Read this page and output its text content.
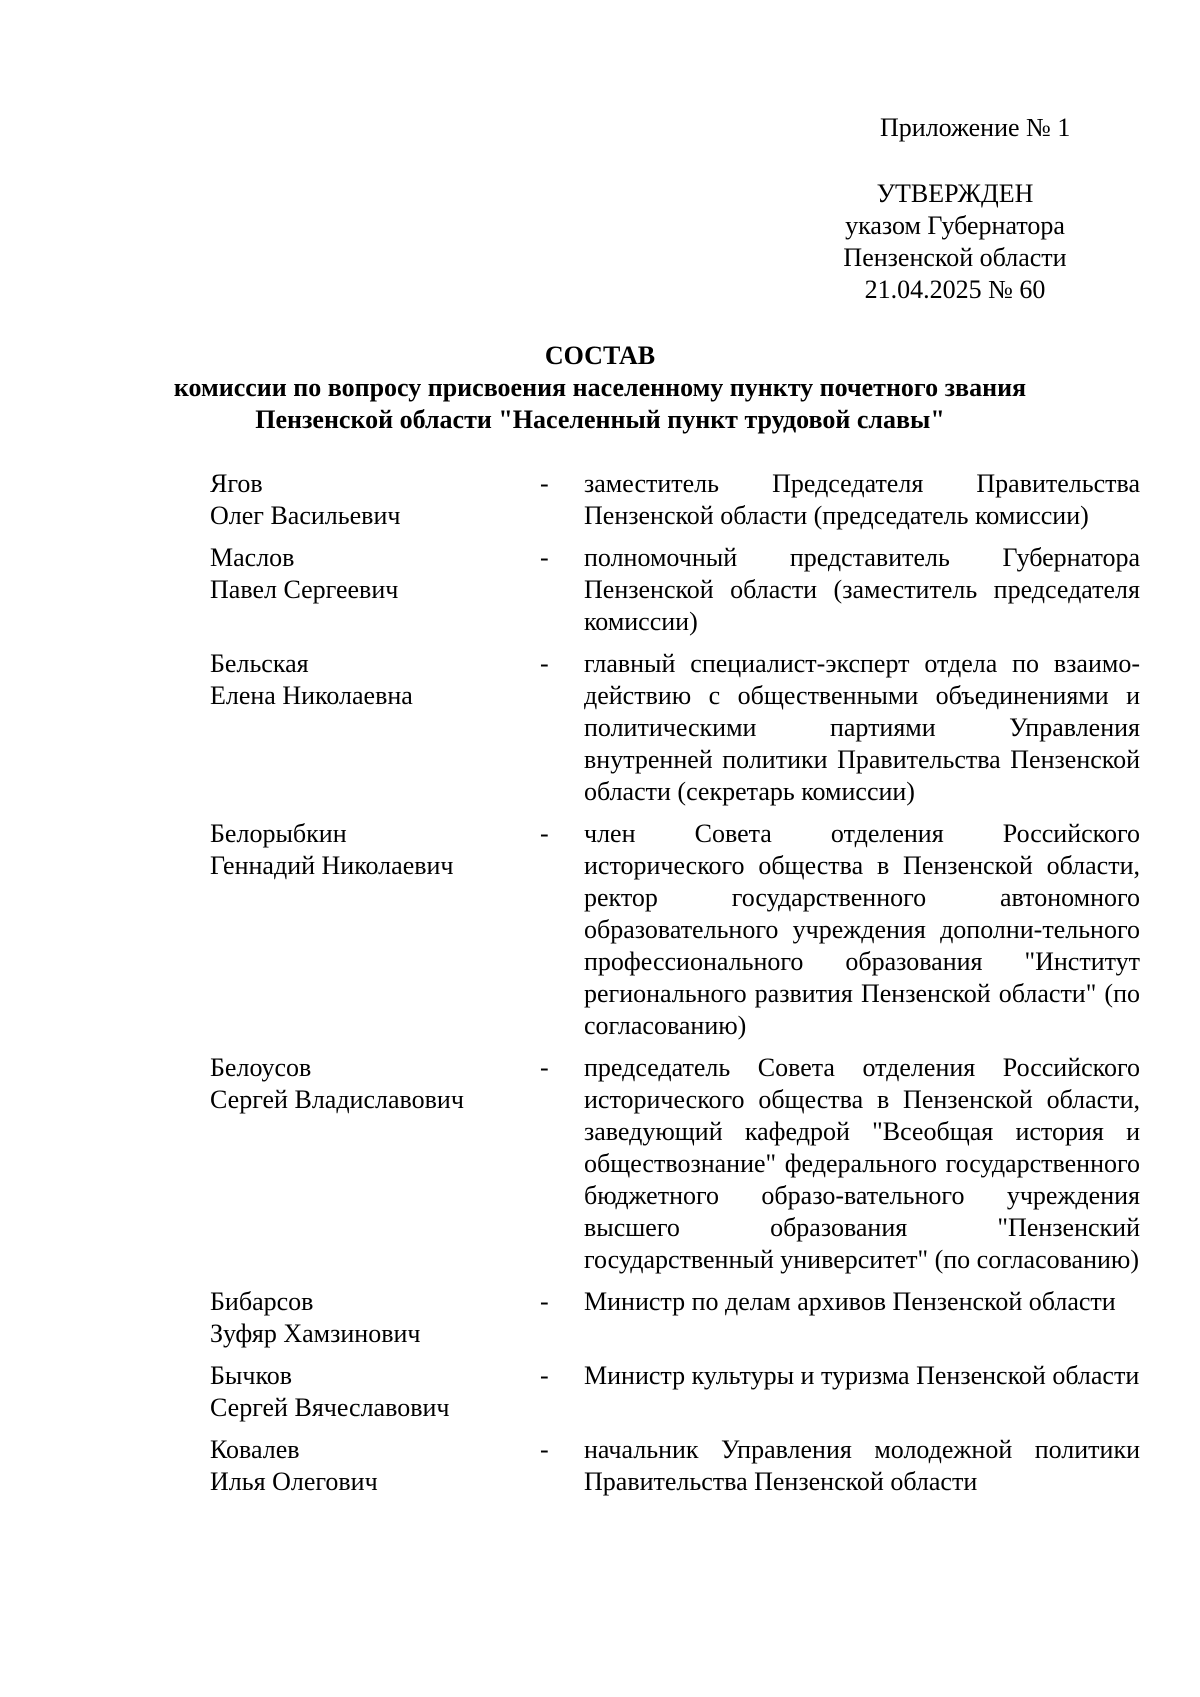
Приложение № 1
УТВЕРЖДЕН
указом Губернатора
Пензенской области
21.04.2025 № 60
СОСТАВ
комиссии по вопросу присвоения населенному пункту почетного звания
Пензенской области "Населенный пункт трудовой славы"
Ягов
Олег Васильевич
-	заместитель Председателя Правительства Пензенской области (председатель комиссии)
Маслов
Павел Сергеевич
-	полномочный представитель Губернатора Пензенской области (заместитель председателя комиссии)
Бельская
Елена Николаевна
-	главный специалист-эксперт отдела по взаимо-действию с общественными объединениями и политическими партиями Управления внутренней политики Правительства Пензенской области (секретарь комиссии)
Белорыбкин
Геннадий Николаевич
-	член Совета отделения Российского исторического общества в Пензенской области, ректор государственного автономного образовательного учреждения дополни-тельного профессионального образования "Институт регионального развития Пензенской области" (по согласованию)
Белоусов
Сергей Владиславович
-	председатель Совета отделения Российского исторического общества в Пензенской области, заведующий кафедрой "Всеобщая история и обществознание" федерального государственного бюджетного образо-вательного учреждения высшего образования "Пензенский государственный университет" (по согласованию)
Бибарсов
Зуфяр Хамзинович
-	Министр по делам архивов Пензенской области
Бычков
Сергей Вячеславович
-	Министр культуры и туризма Пензенской области
Ковалев
Илья Олегович
-	начальник Управления молодежной политики Правительства Пензенской области
